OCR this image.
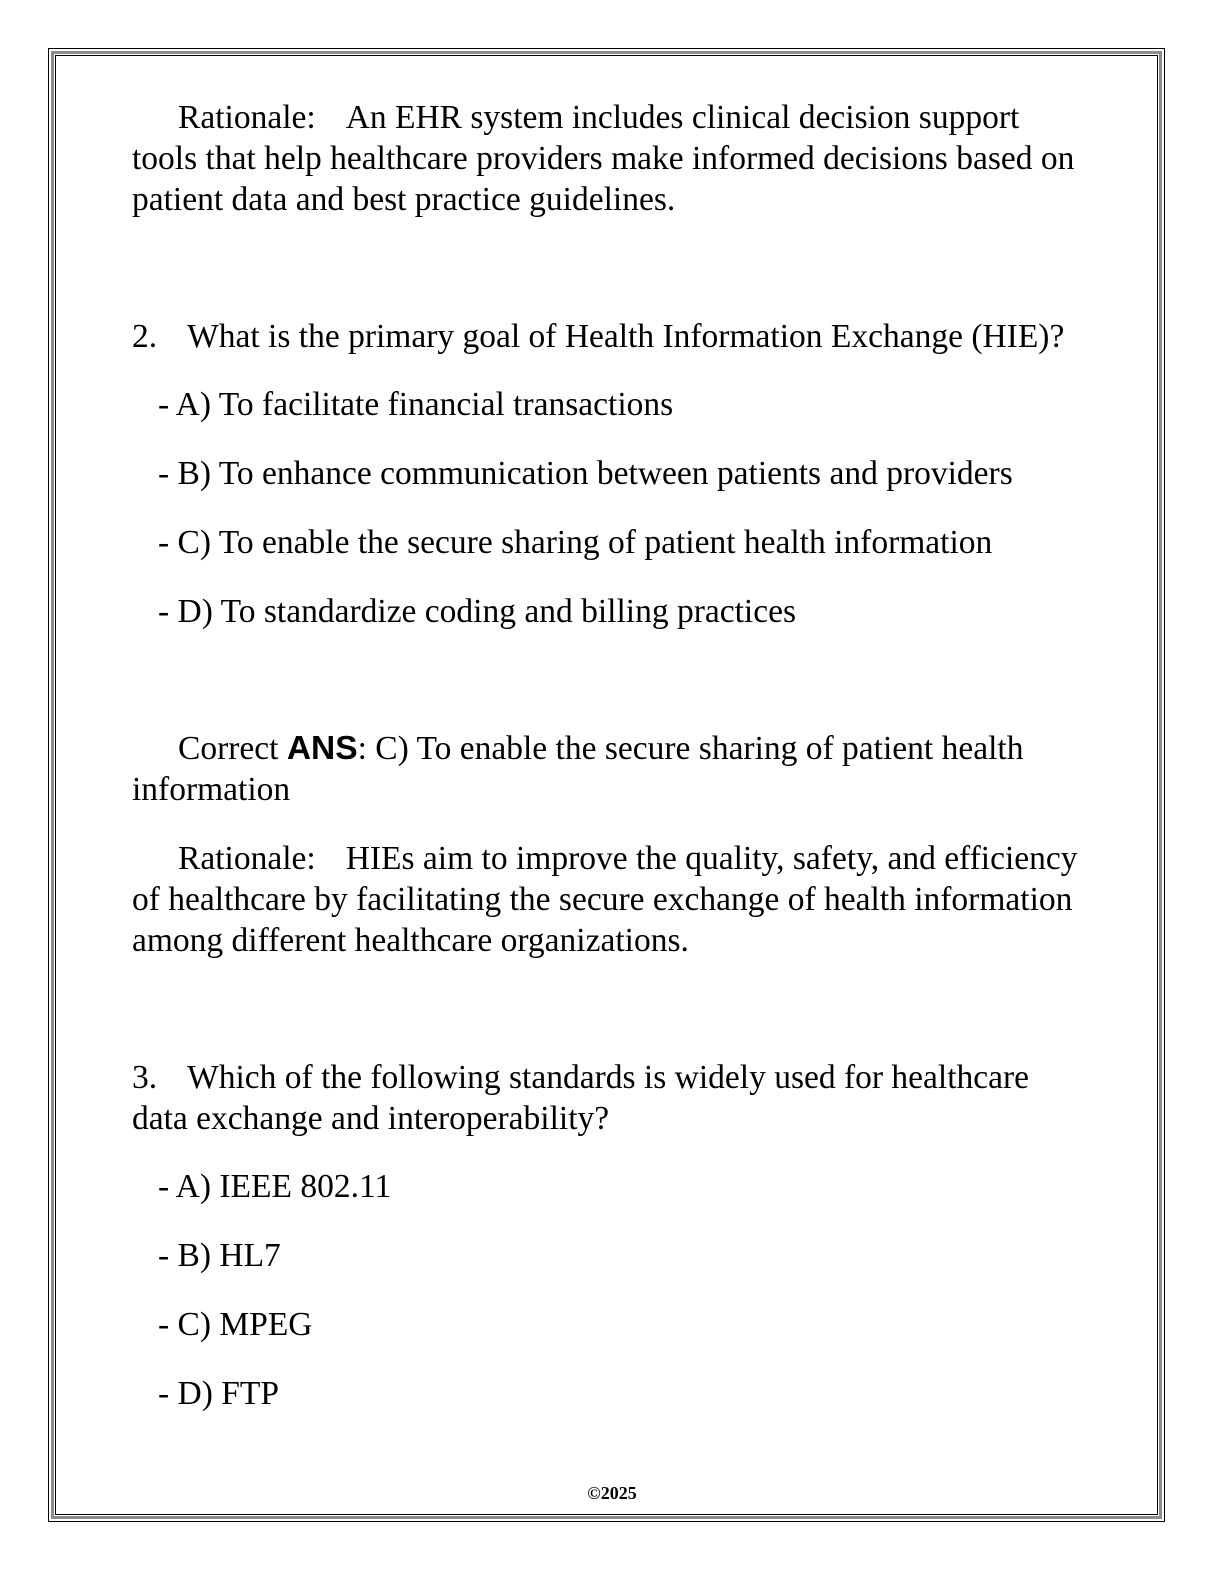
Rationale: An EHR system includes clinical decision support tools that help healthcare providers make informed decisions based on patient data and best practice guidelines.

2. What is the primary goal of Health Information Exchange (HIE)?

- A) To facilitate financial transactions

- B) To enhance communication between patients and providers

- C) To enable the secure sharing of patient health information

- D) To standardize coding and billing practices

Correct ANS: C) To enable the secure sharing of patient health information

Rationale: HIEs aim to improve the quality, safety, and efficiency of healthcare by facilitating the secure exchange of health information among different healthcare organizations.

3. Which of the following standards is widely used for healthcare data exchange and interoperability?

- A) IEEE 802.11

- B) HL7

- C) MPEG

- D) FTP

©2025
